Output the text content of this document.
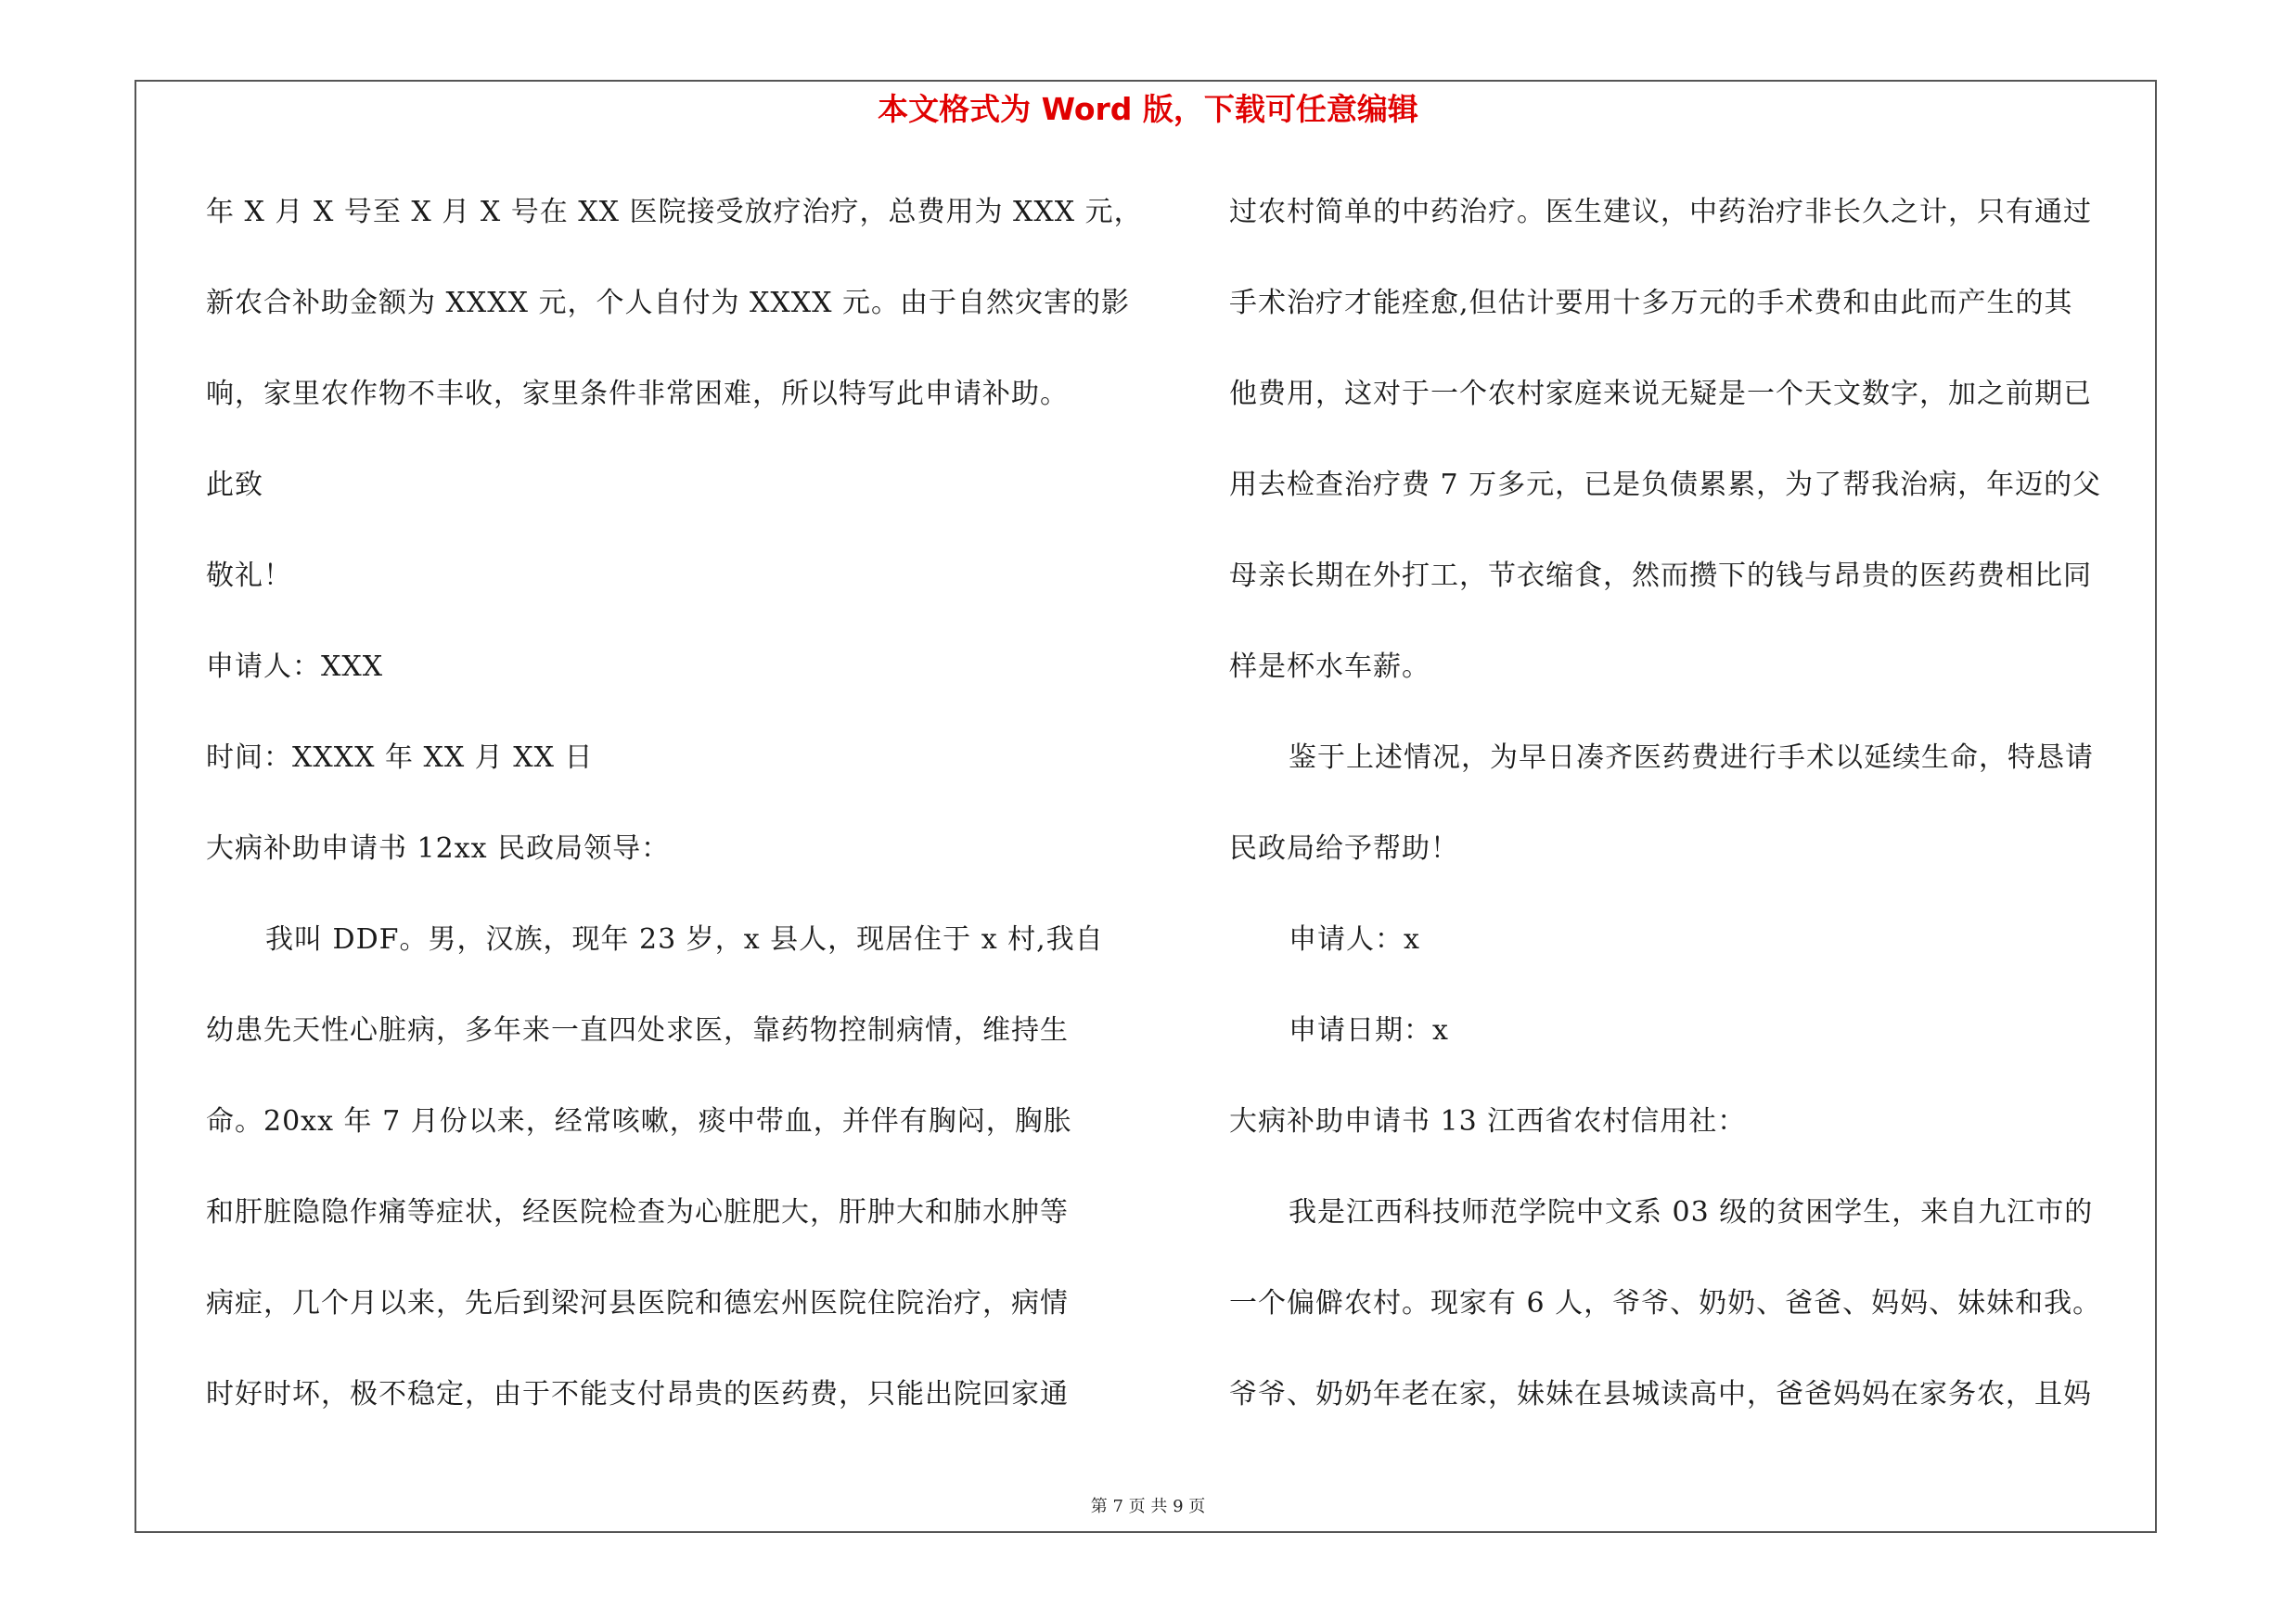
本文格式为 Word 版，下载可任意编辑
年 X 月 X 号至 X 月 X 号在 XX 医院接受放疗治疗，总费用为 XXX 元，
新农合补助金额为 XXXX 元，个人自付为 XXXX 元。由于自然灾害的影
响，家里农作物不丰收，家里条件非常困难，所以特写此申请补助。
此致
敬礼！
申请人：XXX
时间：XXXX 年 XX 月 XX 日
大病补助申请书 12xx 民政局领导：
我叫 DDF。男，汉族，现年 23 岁，x 县人，现居住于 x 村,我自
幼患先天性心脏病，多年来一直四处求医，靠药物控制病情，维持生
命。20xx 年 7 月份以来，经常咳嗽，痰中带血，并伴有胸闷，胸胀
和肝脏隐隐作痛等症状，经医院检查为心脏肥大，肝肿大和肺水肿等
病症，几个月以来，先后到梁河县医院和德宏州医院住院治疗，病情
时好时坏，极不稳定，由于不能支付昂贵的医药费，只能出院回家通
过农村简单的中药治疗。医生建议，中药治疗非长久之计，只有通过
手术治疗才能痊愈,但估计要用十多万元的手术费和由此而产生的其
他费用，这对于一个农村家庭来说无疑是一个天文数字，加之前期已
用去检查治疗费 7 万多元，已是负债累累，为了帮我治病，年迈的父
母亲长期在外打工，节衣缩食，然而攒下的钱与昂贵的医药费相比同
样是杯水车薪。
鉴于上述情况，为早日凑齐医药费进行手术以延续生命，特恳请
民政局给予帮助！
申请人：x
申请日期：x
大病补助申请书 13 江西省农村信用社：
我是江西科技师范学院中文系 03 级的贫困学生，来自九江市的
一个偏僻农村。现家有 6 人，爷爷、奶奶、爸爸、妈妈、妹妹和我。
爷爷、奶奶年老在家，妹妹在县城读高中，爸爸妈妈在家务农，且妈
第 7 页 共 9 页
